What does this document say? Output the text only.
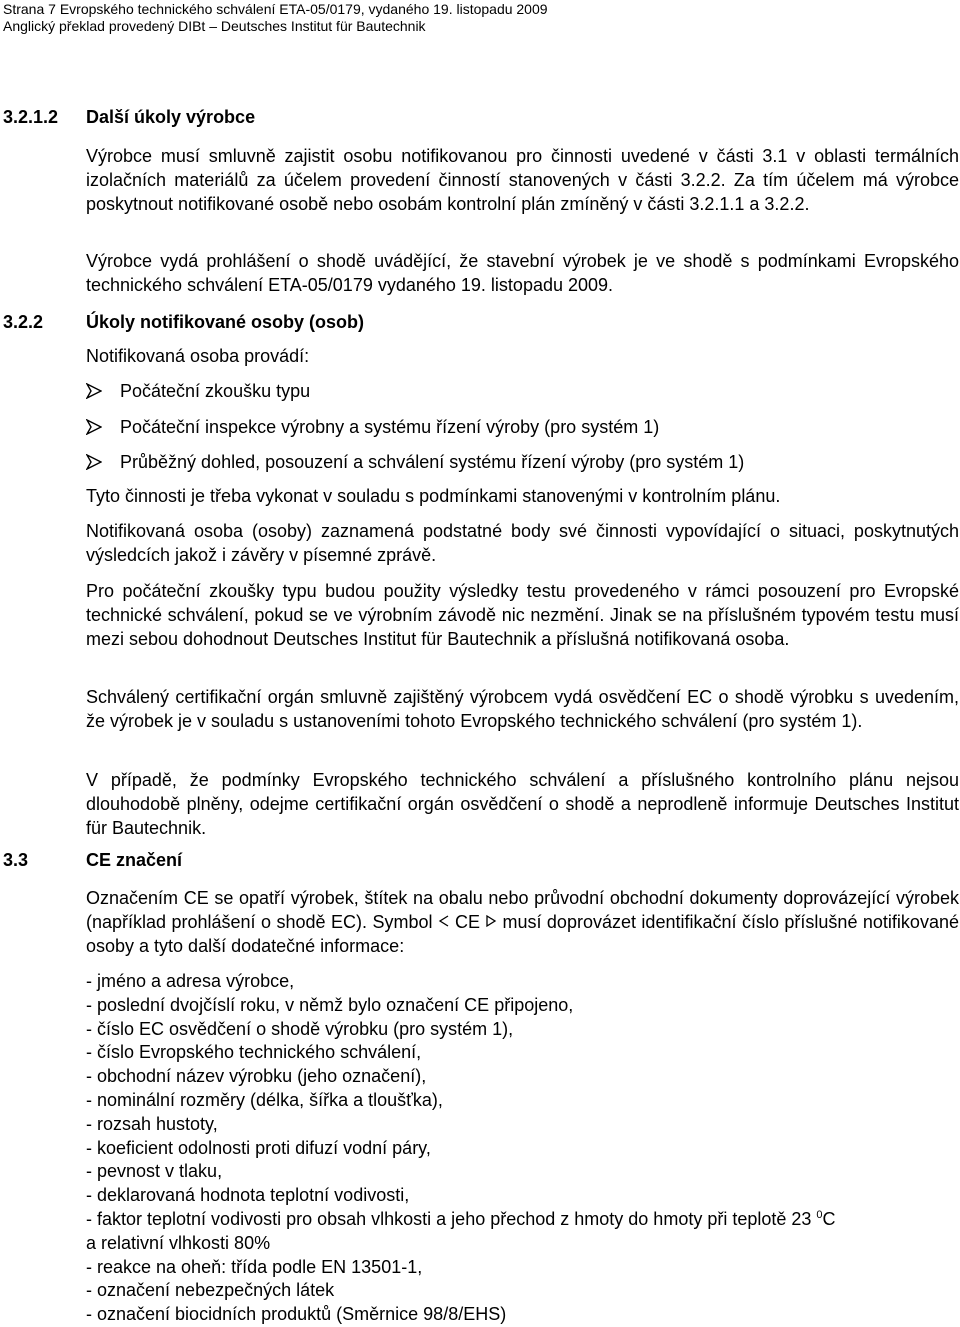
Strana 7 Evropského technického schválení ETA-05/0179, vydaného 19. listopadu 2009
Anglický překlad provedený DIBt – Deutsches Institut für Bautechnik
3.2.1.2 Další úkoly výrobce
Výrobce musí smluvně zajistit osobu notifikovanou pro činnosti uvedené v části 3.1 v oblasti termálních izolačních materiálů za účelem provedení činností stanovených v části 3.2.2. Za tím účelem má výrobce poskytnout notifikované osobě nebo osobám kontrolní plán zmíněný v části 3.2.1.1 a 3.2.2.
Výrobce vydá prohlášení o shodě uvádějící, že stavební výrobek je ve shodě s podmínkami Evropského technického schválení ETA-05/0179 vydaného 19. listopadu 2009.
3.2.2 Úkoly notifikované osoby (osob)
Notifikovaná osoba provádí:
Počáteční zkoušku typu
Počáteční inspekce výrobny a systému řízení výroby (pro systém 1)
Průběžný dohled, posouzení a schválení systému řízení výroby (pro systém 1)
Tyto činnosti je třeba vykonat v souladu s podmínkami stanovenými v kontrolním plánu.
Notifikovaná osoba (osoby) zaznamená podstatné body své činnosti vypovídající o situaci, poskytnutých výsledcích jakož i závěry v písemné zprávě.
Pro počáteční zkoušky typu budou použity výsledky testu provedeného v rámci posouzení pro Evropské technické schválení, pokud se ve výrobním závodě nic nezmění. Jinak se na příslušném typovém testu musí mezi sebou dohodnout Deutsches Institut für Bautechnik a příslušná notifikovaná osoba.
Schválený certifikační orgán smluvně zajištěný výrobcem vydá osvědčení EC o shodě výrobku s uvedením, že výrobek je v souladu s ustanoveními tohoto Evropského technického schválení (pro systém 1).
V případě, že podmínky Evropského technického schválení a příslušného kontrolního plánu nejsou dlouhodobě plněny, odejme certifikační orgán osvědčení o shodě a neprodleně informuje Deutsches Institut für Bautechnik.
3.3	CE značení
Označením CE se opatří výrobek, štítek na obalu nebo průvodní obchodní dokumenty doprovázející výrobek (například prohlášení o shodě EC). Symbol CE musí doprovázet identifikační číslo příslušné notifikované osoby a tyto další dodatečné informace:
- jméno a adresa výrobce,
- poslední dvojčíslí roku, v němž bylo označení CE připojeno,
- číslo EC osvědčení o shodě výrobku (pro systém 1),
- číslo Evropského technického schválení,
- obchodní název výrobku (jeho označení),
- nominální rozměry (délka, šířka a tloušťka),
- rozsah hustoty,
- koeficient odolnosti proti difuzí vodní páry,
- pevnost v tlaku,
- deklarovaná hodnota teplotní vodivosti,
- faktor teplotní vodivosti pro obsah vlhkosti a jeho přechod z hmoty do hmoty při teplotě 23 $^0$C
a relativní vlhkosti 80%
- reakce na oheň: třída podle EN 13501-1,
- označení nebezpečných látek
- označení biocidních produktů (Směrnice 98/8/EHS)
